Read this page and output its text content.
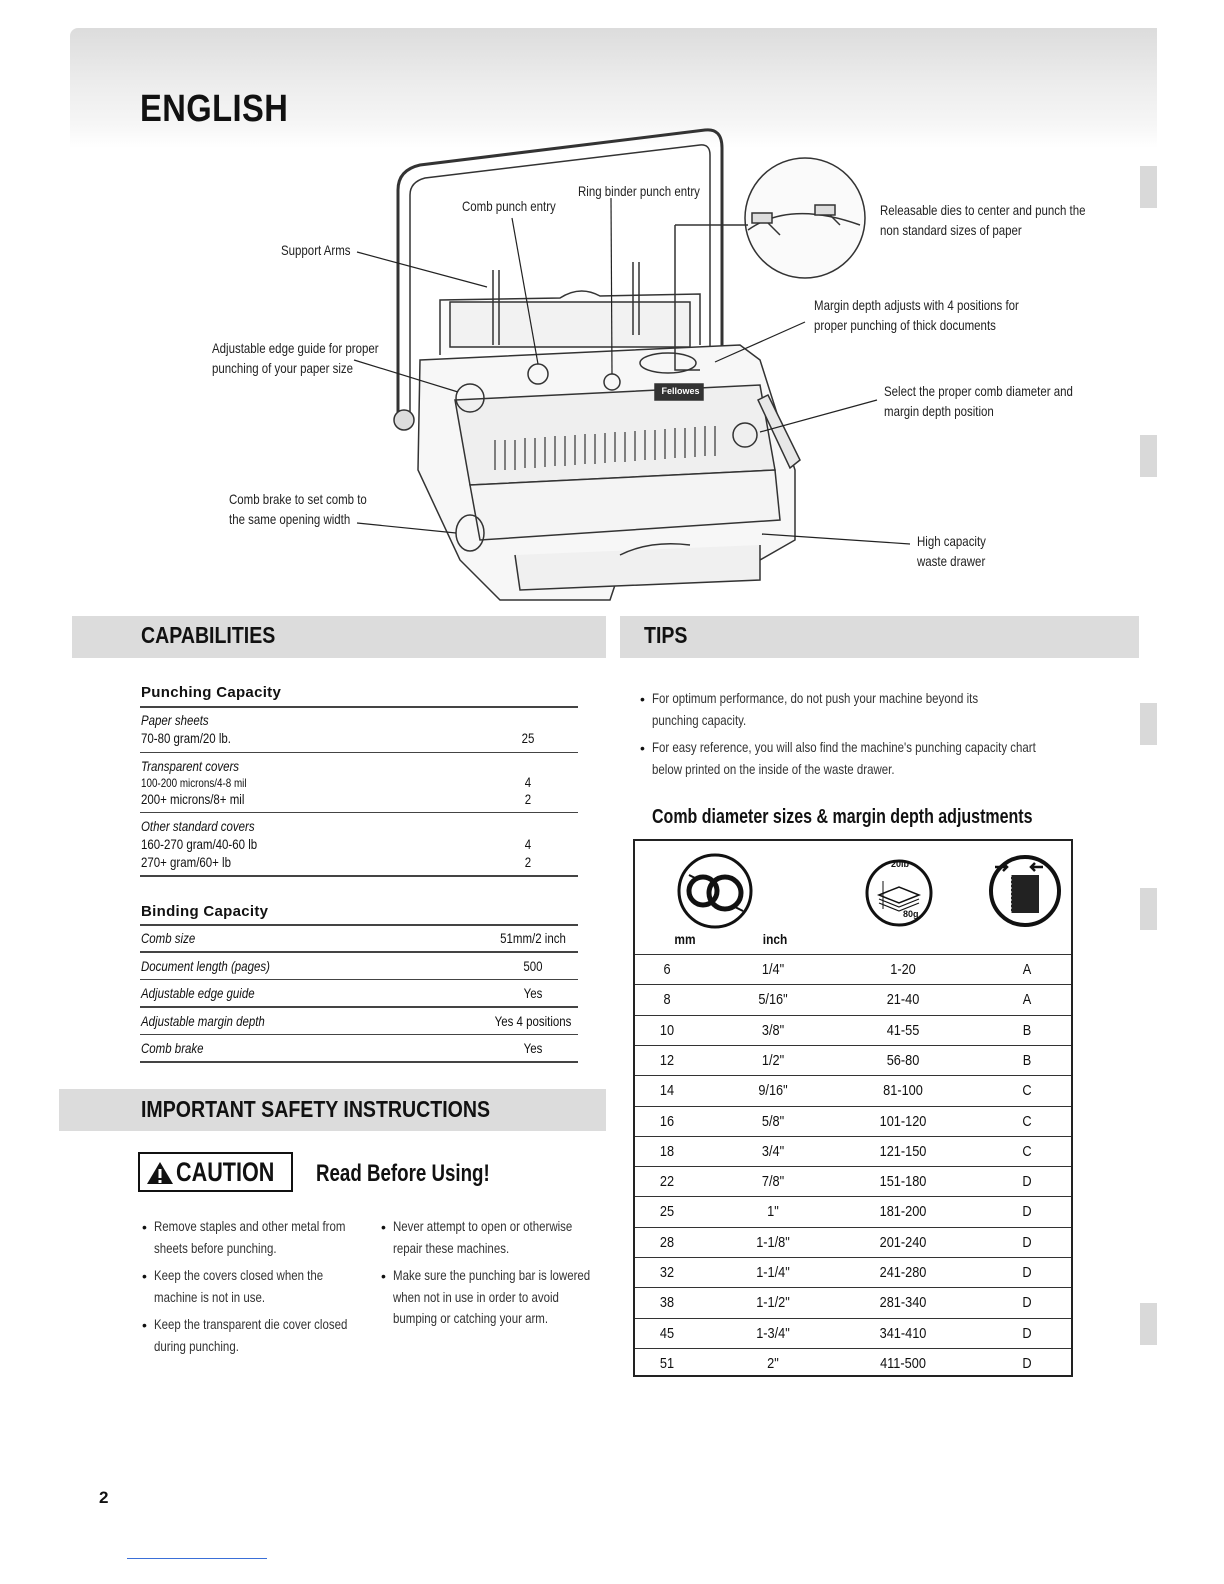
ENGLISH
Fellowes
Comb punch entry
Ring binder punch entry
Support Arms
Releasable dies to center and punch the
non standard sizes of paper
Margin depth adjusts with 4 positions for
proper punching of thick documents
Adjustable edge guide for proper
punching of your paper size
Select the proper comb diameter and
margin depth position
Comb brake to set comb to
the same opening width
High capacity
waste drawer
CAPABILITIES
Punching Capacity
Paper sheets
70-80 gram/20 lb.	25
Transparent covers
100-200 microns/4-8 mil	4
200+ microns/8+ mil	2
Other standard covers
160-270 gram/40-60 lb	4
270+ gram/60+ lb	2
Binding Capacity
Comb size	51mm/2 inch
Document length (pages)	500
Adjustable edge guide	Yes
Adjustable margin depth	Yes 4 positions
Comb brake	Yes
IMPORTANT SAFETY INSTRUCTIONS
CAUTION Read Before Using!
• Remove staples and other metal from
sheets before punching.
• Keep the covers closed when the
machine is not in use.
• Keep the transparent die cover closed
during punching.
• Never attempt to open or otherwise
repair these machines.
• Make sure the punching bar is lowered
when not in use in order to avoid
bumping or catching your arm.
TIPS
• For optimum performance, do not push your machine beyond its
punching capacity.
• For easy reference, you will also find the machine's punching capacity chart
below printed on the inside of the waste drawer.
Comb diameter sizes & margin depth adjustments
20lb
80g
mm	inch
6	1/4"	1-20	A
8	5/16"	21-40	A
10	3/8"	41-55	B
12	1/2"	56-80	B
14	9/16"	81-100	C
16	5/8"	101-120	C
18	3/4"	121-150	C
22	7/8"	151-180	D
25	1"	181-200	D
28	1-1/8"	201-240	D
32	1-1/4"	241-280	D
38	1-1/2"	281-340	D
45	1-3/4"	341-410	D
51	2"	411-500	D
2
